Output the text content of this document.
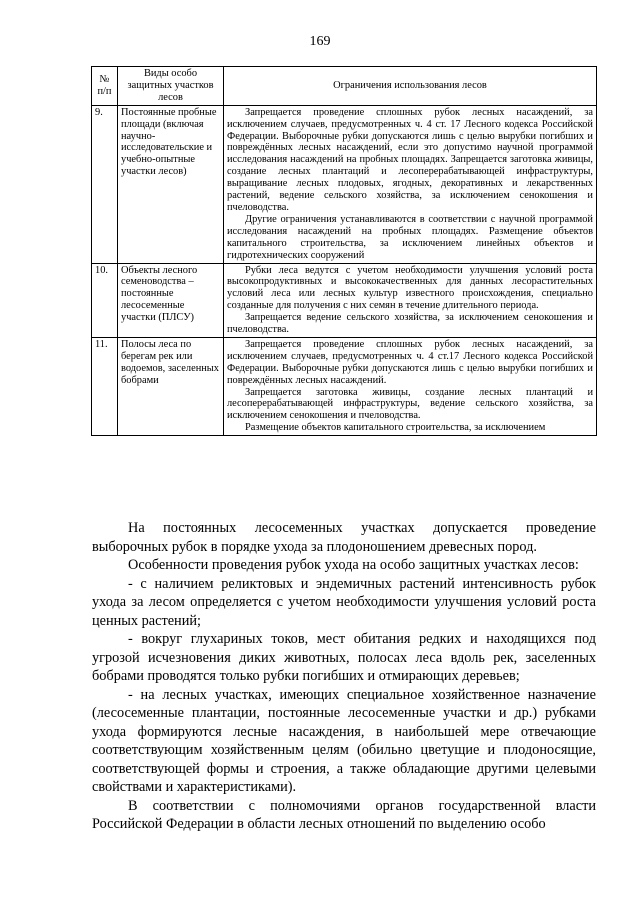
169
№ п/п	Виды особо защитных участков лесов	Ограничения использования лесов
9.	Постоянные пробные площади (включая научно-исследовательские и учебно-опытные участки лесов)	Запрещается проведение сплошных рубок лесных насаждений, за исключением случаев, предусмотренных ч. 4 ст. 17 Лесного кодекса Российской Федерации. Выборочные рубки допускаются лишь с целью вырубки погибших и повреждённых лесных насаждений, если это допустимо научной программой исследования насаждений на пробных площадях. Запрещается заготовка живицы, создание лесных плантаций и лесоперерабатывающей инфраструктуры, выращивание лесных плодовых, ягодных, декоративных и лекарственных растений, ведение сельского хозяйства, за исключением сенокошения и пчеловодства.

Другие ограничения устанавливаются в соответствии с научной программой исследования насаждений на пробных площадях. Размещение объектов капитального строительства, за исключением линейных объектов и гидротехнических сооружений

10.	Объекты лесного семеноводства – постоянные лесосеменные участки (ПЛСУ)	Рубки леса ведутся с учетом необходимости улучшения условий роста высокопродуктивных и высококачественных для данных лесорастительных условий леса или лесных культур известного происхождения, специально созданные для получения с них семян в течение длительного периода.

Запрещается ведение сельского хозяйства, за исключением сенокошения и пчеловодства.

11.	Полосы леса по берегам рек или водоемов, заселенных бобрами	Запрещается проведение сплошных рубок лесных насаждений, за исключением случаев, предусмотренных ч. 4 ст.17 Лесного кодекса Российской Федерации. Выборочные рубки допускаются лишь с целью вырубки погибших и повреждённых лесных насаждений.

Запрещается заготовка живицы, создание лесных плантаций и лесоперерабатывающей инфраструктуры, ведение сельского хозяйства, за исключением сенокошения и пчеловодства.

Размещение объектов капитального строительства, за исключением

На постоянных лесосеменных участках допускается проведение выборочных рубок в порядке ухода за плодоношением древесных пород.

Особенности проведения рубок ухода на особо защитных участках лесов:

- с наличием реликтовых и эндемичных растений интенсивность рубок ухода за лесом определяется с учетом необходимости улучшения условий роста ценных растений;

- вокруг глухариных токов, мест обитания редких и находящихся под угрозой исчезновения диких животных, полосах леса вдоль рек, заселенных бобрами проводятся только рубки погибших и отмирающих деревьев;

- на лесных участках, имеющих специальное хозяйственное назначение (лесосеменные плантации, постоянные лесосеменные участки и др.) рубками ухода формируются лесные насаждения, в наибольшей мере отвечающие соответствующим хозяйственным целям (обильно цветущие и плодоносящие, соответствующей формы и строения, а также обладающие другими целевыми свойствами и характеристиками).

В соответствии с полномочиями органов государственной власти Российской Федерации в области лесных отношений по выделению особо
